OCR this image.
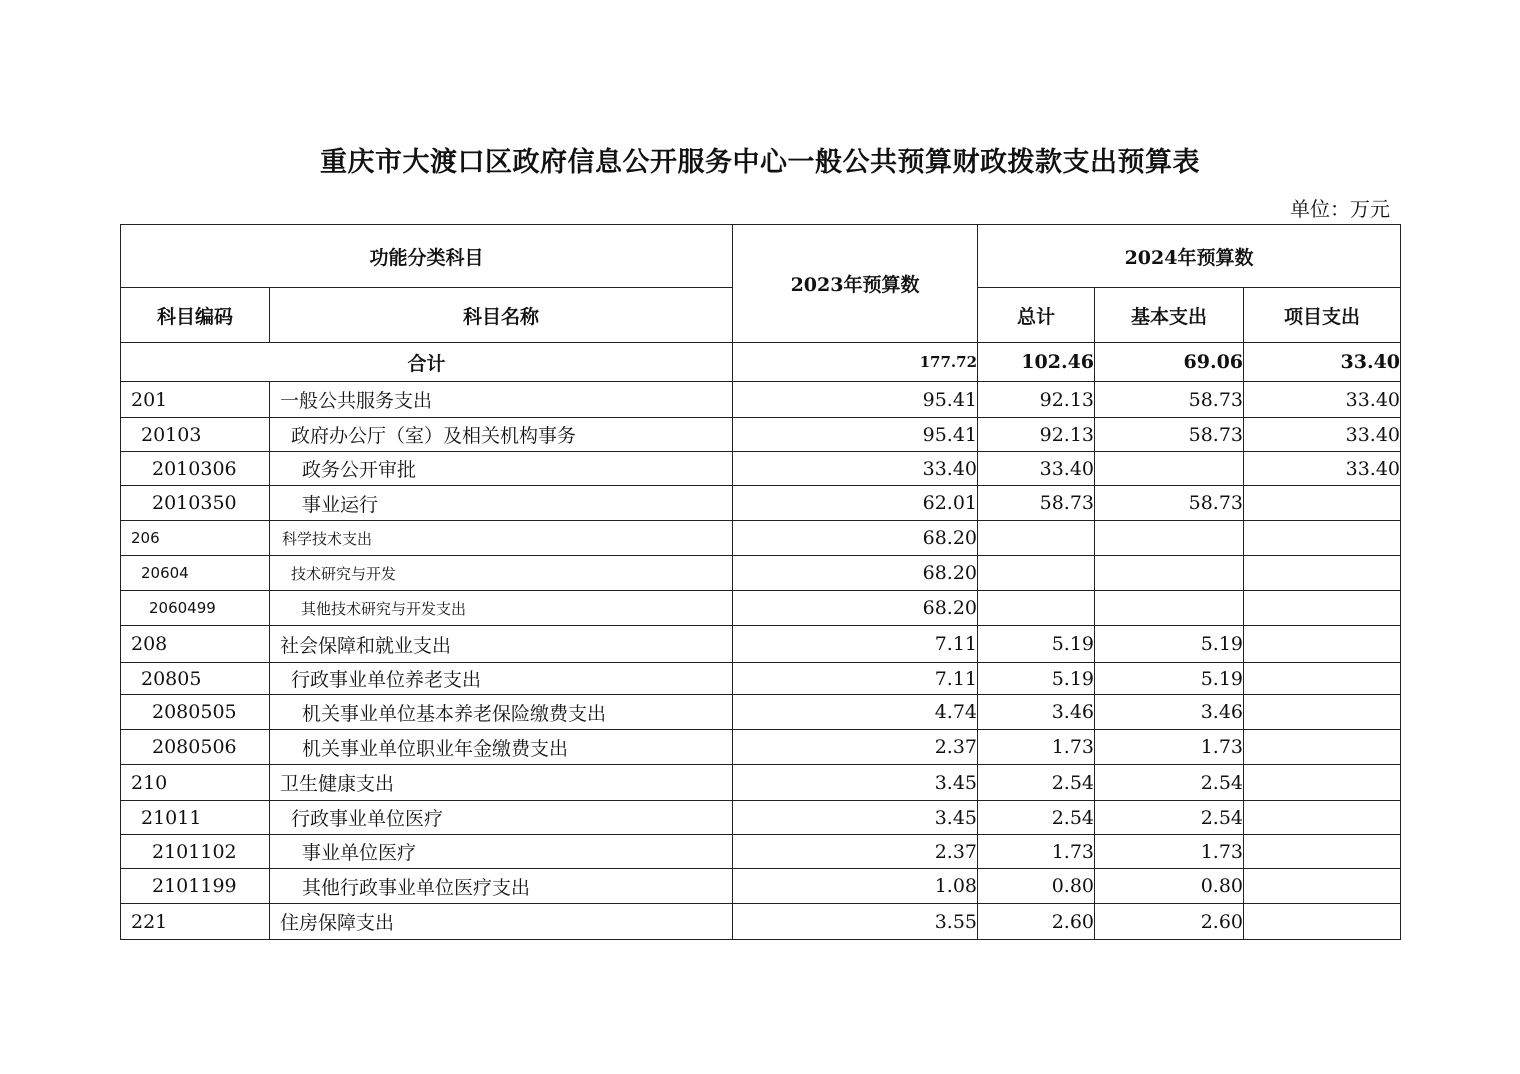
重庆市大渡口区政府信息公开服务中心一般公共预算财政拨款支出预算表
单位：万元
功能分类科目		2023年预算数	2024年预算数		
科目编码	科目名称		总计	基本支出	项目支出
合计		177.72	102.46	69.06	33.40
201	一般公共服务支出	95.41	92.13	58.73	33.40
20103	政府办公厅（室）及相关机构事务	95.41	92.13	58.73	33.40
2010306	政务公开审批	33.40	33.40		33.40
2010350	事业运行	62.01	58.73	58.73	
206	科学技术支出	68.20			
20604	技术研究与开发	68.20			
2060499	其他技术研究与开发支出	68.20			
208	社会保障和就业支出	7.11	5.19	5.19	
20805	行政事业单位养老支出	7.11	5.19	5.19	
2080505	机关事业单位基本养老保险缴费支出	4.74	3.46	3.46	
2080506	机关事业单位职业年金缴费支出	2.37	1.73	1.73	
210	卫生健康支出	3.45	2.54	2.54	
21011	行政事业单位医疗	3.45	2.54	2.54	
2101102	事业单位医疗	2.37	1.73	1.73	
2101199	其他行政事业单位医疗支出	1.08	0.80	0.80	
221	住房保障支出	3.55	2.60	2.60	
